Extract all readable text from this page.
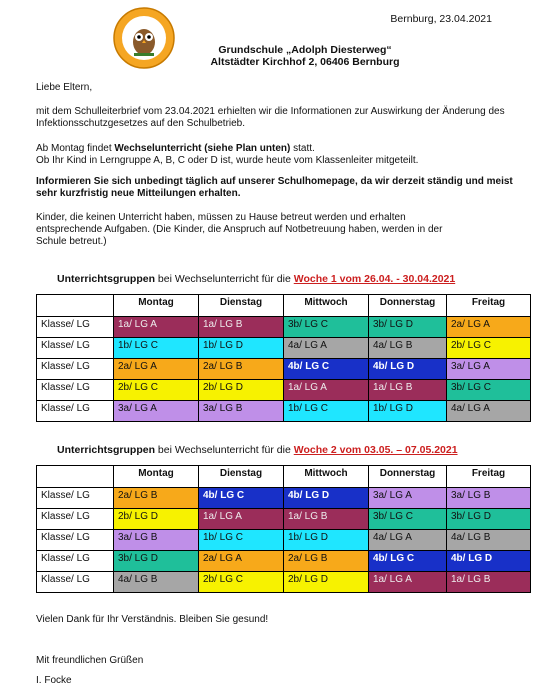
Bernburg, 23.04.2021
Grundschule „Adolph Diesterweg“
Altstädter Kirchhof 2, 06406 Bernburg
Liebe Eltern,
mit dem Schulleiterbrief vom 23.04.2021 erhielten wir die Informationen zur Auswirkung der Änderung des Infektionsschutzgesetzes auf den Schulbetrieb.
Ab Montag findet Wechselunterricht (siehe Plan unten) statt.
Ob Ihr Kind in Lerngruppe A, B, C oder D ist, wurde heute vom Klassenleiter mitgeteilt.
Informieren Sie sich unbedingt täglich auf unserer Schulhomepage, da wir derzeit ständig und meist sehr kurzfristig neue Mitteilungen erhalten.
Kinder, die keinen Unterricht haben, müssen zu Hause betreut werden und erhalten entsprechende Aufgaben. (Die Kinder, die Anspruch auf Notbetreuung haben, werden in der Schule betreut.)
Unterrichtsgruppen bei Wechselunterricht für die Woche 1 vom 26.04. - 30.04.2021
	Montag	Dienstag	Mittwoch	Donnerstag	Freitag
Klasse/ LG	1a/ LG A	1a/ LG B	3b/ LG C	3b/ LG D	2a/ LG A
Klasse/ LG	1b/ LG C	1b/ LG D	4a/ LG A	4a/ LG B	2b/ LG C
Klasse/ LG	2a/ LG A	2a/ LG B	4b/ LG C	4b/ LG D	3a/ LG A
Klasse/ LG	2b/ LG C	2b/ LG D	1a/ LG A	1a/ LG B	3b/ LG C
Klasse/ LG	3a/ LG A	3a/ LG B	1b/ LG C	1b/ LG D	4a/ LG A
Unterrichtsgruppen bei Wechselunterricht für die Woche 2 vom 03.05. – 07.05.2021
	Montag	Dienstag	Mittwoch	Donnerstag	Freitag
Klasse/ LG	2a/ LG B	4b/ LG C	4b/ LG D	3a/ LG A	3a/ LG B
Klasse/ LG	2b/ LG D	1a/ LG A	1a/ LG B	3b/ LG C	3b/ LG D
Klasse/ LG	3a/ LG B	1b/ LG C	1b/ LG D	4a/ LG A	4a/ LG B
Klasse/ LG	3b/ LG D	2a/ LG A	2a/ LG B	4b/ LG C	4b/ LG D
Klasse/ LG	4a/ LG B	2b/ LG C	2b/ LG D	1a/ LG A	1a/ LG B
Vielen Dank für Ihr Verständnis. Bleiben Sie gesund!
Mit freundlichen Grüßen
I. Focke
